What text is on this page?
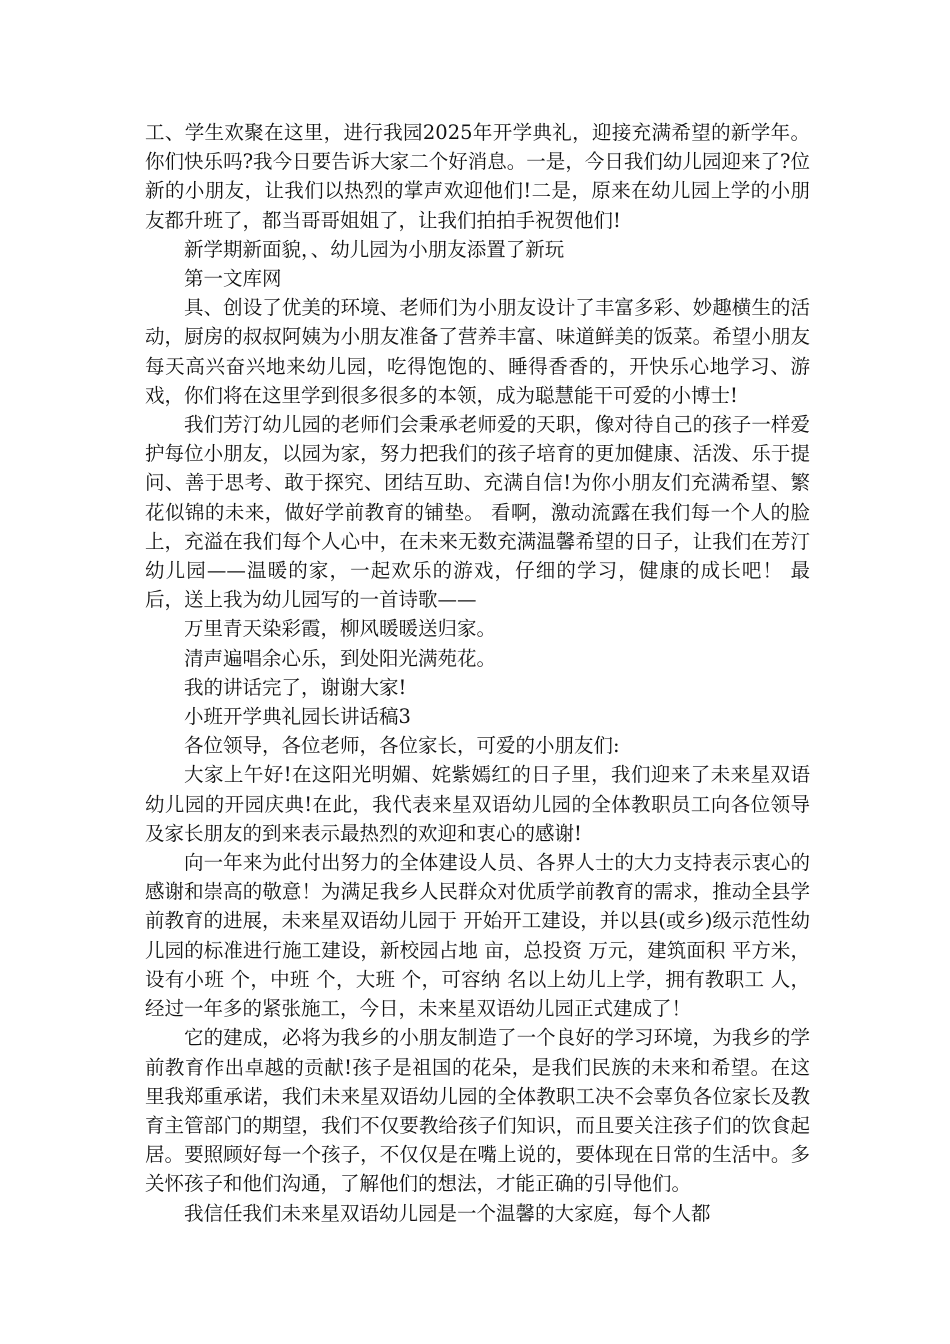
工、学生欢聚在这里，进行我园2025年开学典礼，迎接充满希望的新学年。你们快乐吗?我今日要告诉大家二个好消息。一是，今日我们幼儿园迎来了?位新的小朋友，让我们以热烈的掌声欢迎他们!二是，原来在幼儿园上学的小朋友都升班了，都当哥哥姐姐了，让我们拍拍手祝贺他们!

新学期新面貌，、幼儿园为小朋友添置了新玩

第一文库网

具、创设了优美的环境、老师们为小朋友设计了丰富多彩、妙趣横生的活动，厨房的叔叔阿姨为小朋友准备了营养丰富、味道鲜美的饭菜。希望小朋友每天高兴奋兴地来幼儿园，吃得饱饱的、睡得香香的，开快乐心地学习、游戏，你们将在这里学到很多很多的本领，成为聪慧能干可爱的小博士!

我们芳汀幼儿园的老师们会秉承老师爱的天职，像对待自己的孩子一样爱护每位小朋友，以园为家，努力把我们的孩子培育的更加健康、活泼、乐于提问、善于思考、敢于探究、团结互助、充满自信!为你小朋友们充满希望、繁花似锦的未来，做好学前教育的铺垫。 看啊，激动流露在我们每一个人的脸上，充溢在我们每个人心中，在未来无数充满温馨希望的日子，让我们在芳汀幼儿园——温暖的家，一起欢乐的游戏，仔细的学习，健康的成长吧！ 最后，送上我为幼儿园写的一首诗歌——

万里青天染彩霞，柳风暖暖送归家。

清声遍唱余心乐，到处阳光满苑花。

我的讲话完了，谢谢大家!

小班开学典礼园长讲话稿3

各位领导，各位老师，各位家长，可爱的小朋友们:

大家上午好!在这阳光明媚、姹紫嫣红的日子里，我们迎来了未来星双语幼儿园的开园庆典!在此，我代表来星双语幼儿园的全体教职员工向各位领导及家长朋友的到来表示最热烈的欢迎和衷心的感谢!

向一年来为此付出努力的全体建设人员、各界人士的大力支持表示衷心的感谢和崇高的敬意！为满足我乡人民群众对优质学前教育的需求，推动全县学前教育的进展，未来星双语幼儿园于 开始开工建设，并以县(或乡)级示范性幼儿园的标准进行施工建设，新校园占地 亩，总投资 万元，建筑面积 平方米，设有小班 个，中班 个，大班 个，可容纳 名以上幼儿上学，拥有教职工 人，经过一年多的紧张施工，今日，未来星双语幼儿园正式建成了！

它的建成，必将为我乡的小朋友制造了一个良好的学习环境，为我乡的学前教育作出卓越的贡献!孩子是祖国的花朵，是我们民族的未来和希望。在这里我郑重承诺，我们未来星双语幼儿园的全体教职工决不会辜负各位家长及教育主管部门的期望，我们不仅要教给孩子们知识，而且要关注孩子们的饮食起居。要照顾好每一个孩子，不仅仅是在嘴上说的，要体现在日常的生活中。多关怀孩子和他们沟通，了解他们的想法，才能正确的引导他们。

我信任我们未来星双语幼儿园是一个温馨的大家庭，每个人都
